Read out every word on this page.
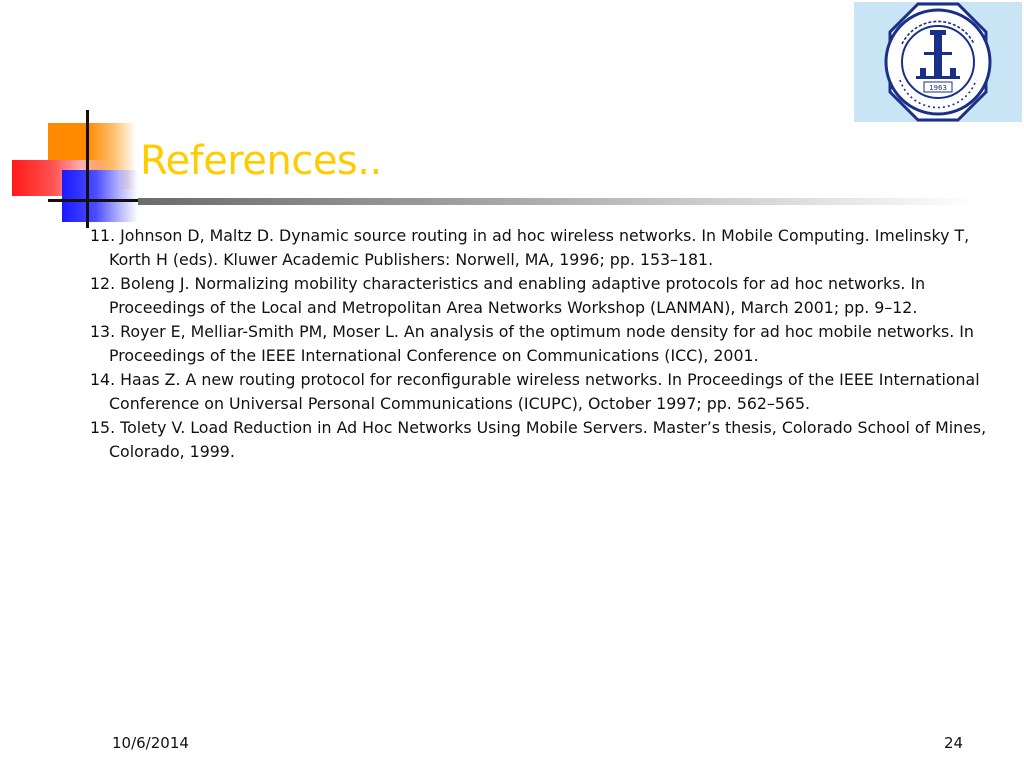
1963
References..
11. Johnson D, Maltz D. Dynamic source routing in ad hoc wireless networks. In Mobile Computing. Imelinsky T, Korth H (eds). Kluwer Academic Publishers: Norwell, MA, 1996; pp. 153–181.
12. Boleng J. Normalizing mobility characteristics and enabling adaptive protocols for ad hoc networks. In Proceedings of the Local and Metropolitan Area Networks Workshop (LANMAN), March 2001; pp. 9–12.
13. Royer E, Melliar-Smith PM, Moser L. An analysis of the optimum node density for ad hoc mobile networks. In Proceedings of the IEEE International Conference on Communications (ICC), 2001.
14. Haas Z. A new routing protocol for reconfigurable wireless networks. In Proceedings of the IEEE International Conference on Universal Personal Communications (ICUPC), October 1997; pp. 562–565.
15. Tolety V. Load Reduction in Ad Hoc Networks Using Mobile Servers. Master’s thesis, Colorado School of Mines, Colorado, 1999.
10/6/2014	24
